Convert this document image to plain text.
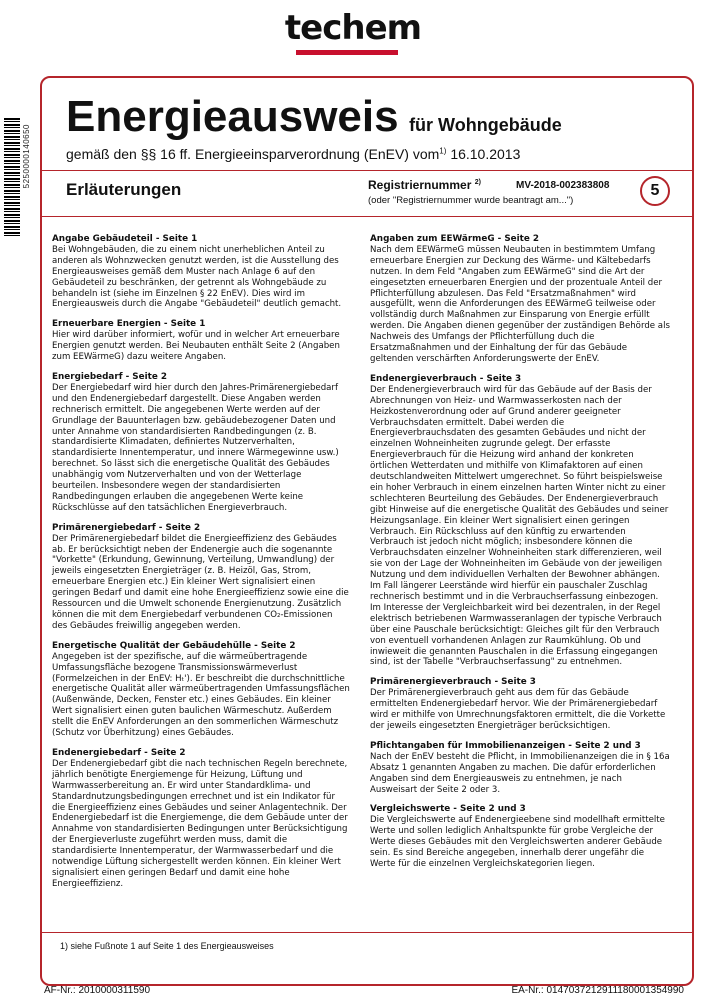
techem
5250000140650
Energieausweis für Wohngebäude
gemäß den §§ 16 ff. Energieeinsparverordnung (EnEV) vom$^{1)}$ 16.10.2013
Erläuterungen	Registriernummer $^{2)}$	MV-2018-002383808
(oder "Registriernummer wurde beantragt am...")
5
Angabe Gebäudeteil - Seite 1

Bei Wohngebäuden, die zu einem nicht unerheblichen Anteil zu anderen als Wohnzwecken genutzt werden, ist die Ausstellung des Energieausweises gemäß dem Muster nach Anlage 6 auf den Gebäudeteil zu beschränken, der getrennt als Wohngebäude zu behandeln ist (siehe im Einzelnen § 22 EnEV). Dies wird im Energieausweis durch die Angabe "Gebäudeteil" deutlich gemacht.

Erneuerbare Energien - Seite 1

Hier wird darüber informiert, wofür und in welcher Art erneuerbare Energien genutzt werden. Bei Neubauten enthält Seite 2 (Angaben zum EEWärmeG) dazu weitere Angaben.

Energiebedarf - Seite 2

Der Energiebedarf wird hier durch den Jahres-Primärenergiebedarf und den Endenergiebedarf dargestellt. Diese Angaben werden rechnerisch ermittelt. Die angegebenen Werte werden auf der Grundlage der Bauunterlagen bzw. gebäudebezogener Daten und unter Annahme von standardisierten Randbedingungen (z. B. standardisierte Klimadaten, definiertes Nutzerverhalten, standardisierte Innentemperatur, und innere Wärmegewinne usw.) berechnet. So lässt sich die energetische Qualität des Gebäudes unabhängig vom Nutzerverhalten und von der Wetterlage beurteilen. Insbesondere wegen der standardisierten Randbedingungen erlauben die angegebenen Werte keine Rückschlüsse auf den tatsächlichen Energieverbrauch.

Primärenergiebedarf - Seite 2

Der Primärenergiebedarf bildet die Energieeffizienz des Gebäudes ab. Er berücksichtigt neben der Endenergie auch die sogenannte "Vorkette" (Erkundung, Gewinnung, Verteilung, Umwandlung) der jeweils eingesetzten Energieträger (z. B. Heizöl, Gas, Strom, erneuerbare Energien etc.) Ein kleiner Wert signalisiert einen geringen Bedarf und damit eine hohe Energieeffizienz sowie eine die Ressourcen und die Umwelt schonende Energienutzung. Zusätzlich können die mit dem Energiebedarf verbundenen CO₂-Emissionen des Gebäudes freiwillig angegeben werden.

Energetische Qualität der Gebäudehülle - Seite 2

Angegeben ist der spezifische, auf die wärmeübertragende Umfassungsfläche bezogene Transmissionswärmeverlust (Formelzeichen in der EnEV: Hₜ'). Er beschreibt die durchschnittliche energetische Qualität aller wärmeübertragenden Umfassungsflächen (Außenwände, Decken, Fenster etc.) eines Gebäudes. Ein kleiner Wert signalisiert einen guten baulichen Wärmeschutz. Außerdem stellt die EnEV Anforderungen an den sommerlichen Wärmeschutz (Schutz vor Überhitzung) eines Gebäudes.

Endenergiebedarf - Seite 2

Der Endenergiebedarf gibt die nach technischen Regeln berechnete, jährlich benötigte Energiemenge für Heizung, Lüftung und Warmwasserbereitung an. Er wird unter Standardklima- und Standardnutzungsbedingungen errechnet und ist ein Indikator für die Energieeffizienz eines Gebäudes und seiner Anlagentechnik. Der Endenergiebedarf ist die Energiemenge, die dem Gebäude unter der Annahme von standardisierten Bedingungen unter Berücksichtigung der Energieverluste zugeführt werden muss, damit die standardisierte Innentemperatur, der Warmwasserbedarf und die notwendige Lüftung sichergestellt werden können. Ein kleiner Wert signalisiert einen geringen Bedarf und damit eine hohe Energieeffizienz.

Angaben zum EEWärmeG - Seite 2

Nach dem EEWärmeG müssen Neubauten in bestimmtem Umfang erneuerbare Energien zur Deckung des Wärme- und Kältebedarfs nutzen. In dem Feld "Angaben zum EEWärmeG" sind die Art der eingesetzten erneuerbaren Energien und der prozentuale Anteil der Pflichterfüllung abzulesen. Das Feld "Ersatzmaßnahmen" wird ausgefüllt, wenn die Anforderungen des EEWärmeG teilweise oder vollständig durch Maßnahmen zur Einsparung von Energie erfüllt werden. Die Angaben dienen gegenüber der zuständigen Behörde als Nachweis des Umfangs der Pflichterfüllung duch die Ersatzmaßnahmen und der Einhaltung der für das Gebäude geltenden verschärften Anforderungswerte der EnEV.

Endenergieverbrauch - Seite 3

Der Endenergieverbrauch wird für das Gebäude auf der Basis der Abrechnungen von Heiz- und Warmwasserkosten nach der Heizkostenverordnung oder auf Grund anderer geeigneter Verbrauchsdaten ermittelt. Dabei werden die Energieverbrauchsdaten des gesamten Gebäudes und nicht der einzelnen Wohneinheiten zugrunde gelegt. Der erfasste Energieverbrauch für die Heizung wird anhand der konkreten örtlichen Wetterdaten und mithilfe von Klimafaktoren auf einen deutschlandweiten Mittelwert umgerechnet. So führt beispielsweise ein hoher Verbrauch in einem einzelnen harten Winter nicht zu einer schlechteren Beurteilung des Gebäudes. Der Endenergieverbrauch gibt Hinweise auf die energetische Qualität des Gebäudes und seiner Heizungsanlage. Ein kleiner Wert signalisiert einen geringen Verbrauch. Ein Rückschluss auf den künftig zu erwartenden Verbrauch ist jedoch nicht möglich; insbesondere können die Verbrauchsdaten einzelner Wohneinheiten stark differenzieren, weil sie von der Lage der Wohneinheiten im Gebäude von der jeweiligen Nutzung und dem individuellen Verhalten der Bewohner abhängen.
Im Fall längerer Leerstände wird hierfür ein pauschaler Zuschlag rechnerisch bestimmt und in die Verbrauchserfassung einbezogen. Im Interesse der Vergleichbarkeit wird bei dezentralen, in der Regel elektrisch betriebenen Warmwasseranlagen der typische Verbrauch über eine Pauschale berücksichtigt: Gleiches gilt für den Verbrauch von eventuell vorhandenen Anlagen zur Raumkühlung. Ob und inwieweit die genannten Pauschalen in die Erfassung eingegangen sind, ist der Tabelle "Verbrauchserfassung" zu entnehmen.

Primärenergieverbrauch - Seite 3

Der Primärenergieverbrauch geht aus dem für das Gebäude ermittelten Endenergiebedarf hervor. Wie der Primärenergiebedarf wird er mithilfe von Umrechnungsfaktoren ermittelt, die die Vorkette der jeweils eingesetzten Energieträger berücksichtigen.

Pflichtangaben für Immobilienanzeigen - Seite 2 und 3

Nach der EnEV besteht die Pflicht, in Immobilienanzeigen die in § 16a Absatz 1 genannten Angaben zu machen. Die dafür erforderlichen Angaben sind dem Energieausweis zu entnehmen, je nach Ausweisart der Seite 2 oder 3.

Vergleichswerte - Seite 2 und 3

Die Vergleichswerte auf Endenergieebene sind modellhaft ermittelte Werte und sollen lediglich Anhaltspunkte für grobe Vergleiche der Werte dieses Gebäudes mit den Vergleichswerten anderer Gebäude sein. Es sind Bereiche angegeben, innerhalb derer ungefähr die Werte für die einzelnen Vergleichskategorien liegen.

1) siehe Fußnote 1 auf Seite 1 des Energieausweises
AF-Nr.: 2010000311590	EA-Nr.: 01470372129111800013549​90
